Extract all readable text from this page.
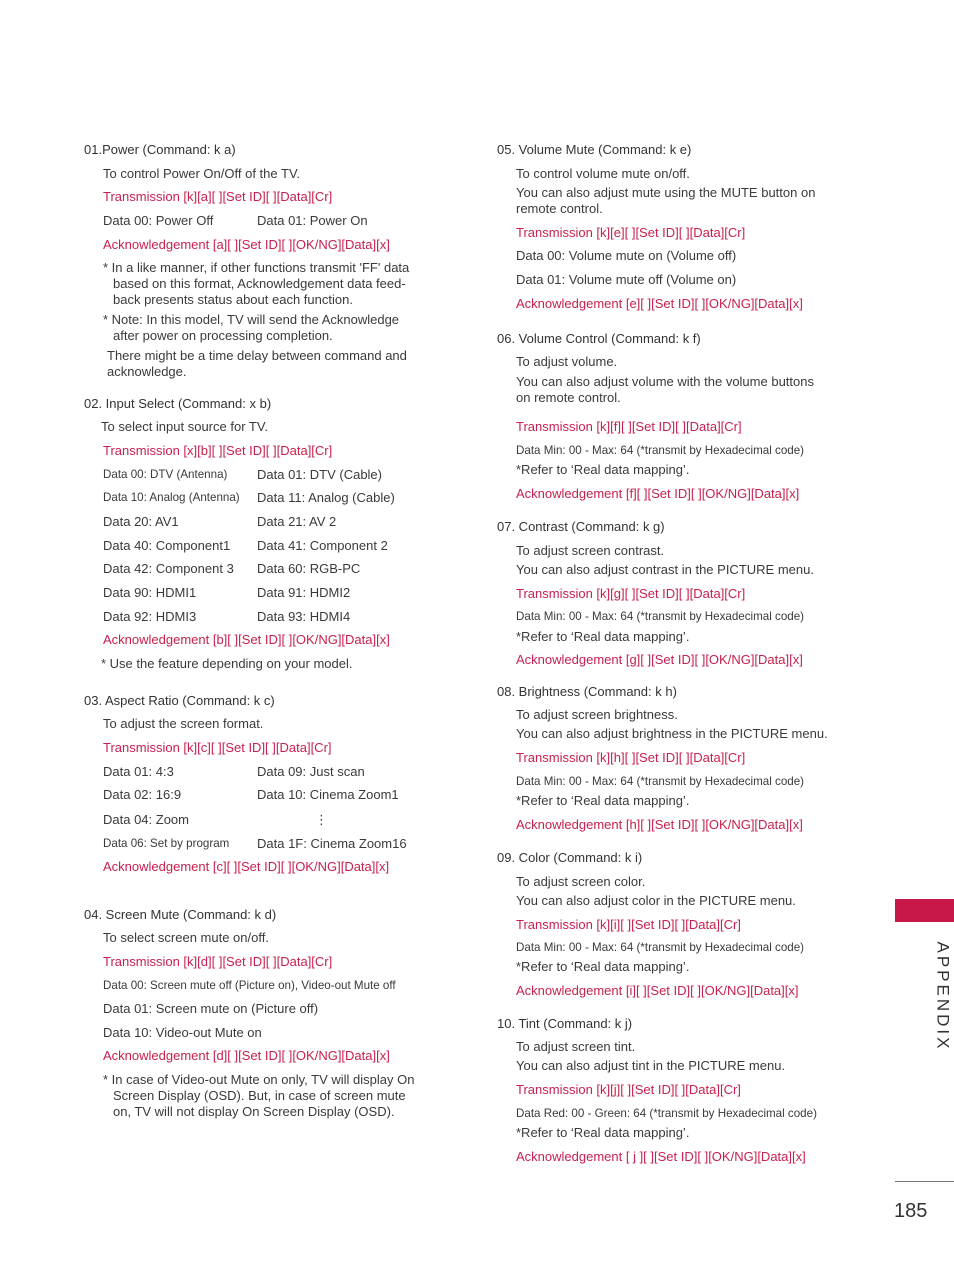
01.Power (Command: k a)
To control Power On/Off of the TV.
Transmission [k][a][ ][Set ID][ ][Data][Cr]
Data 00: Power Off	Data 01: Power On
Acknowledgement [a][ ][Set ID][ ][OK/NG][Data][x]
* In a like manner, if other functions transmit 'FF' data
based on this format, Acknowledgement data feed-
back presents status about each function.
* Note: In this model, TV will send the Acknowledge
after power on processing completion.
There might be a time delay between command and
acknowledge.
02. Input Select (Command: x b)
To select input source for TV.
Transmission [x][b][ ][Set ID][ ][Data][Cr]
Data 00: DTV (Antenna) Data 01: DTV (Cable)
Data 10: Analog (Antenna) Data 11: Analog (Cable)
Data 20: AV1	Data 21: AV 2
Data 40: Component1 Data 41: Component 2
Data 42: Component 3 Data 60: RGB-PC
Data 90: HDMI1	Data 91: HDMI2
Data 92: HDMI3	Data 93: HDMI4
Acknowledgement [b][ ][Set ID][ ][OK/NG][Data][x]
* Use the feature depending on your model.
03. Aspect Ratio (Command: k c)
To adjust the screen format.
Transmission [k][c][ ][Set ID][ ][Data][Cr]
Data 01: 4:3	Data 09: Just scan
Data 02: 16:9	Data 10: Cinema Zoom1
Data 04: Zoom	⋮
Data 06: Set by program Data 1F: Cinema Zoom16
Acknowledgement [c][ ][Set ID][ ][OK/NG][Data][x]
04. Screen Mute (Command: k d)
To select screen mute on/off.
Transmission [k][d][ ][Set ID][ ][Data][Cr]
Data 00: Screen mute off (Picture on), Video-out Mute off
Data 01: Screen mute on (Picture off)
Data 10: Video-out Mute on
Acknowledgement [d][ ][Set ID][ ][OK/NG][Data][x]
* In case of Video-out Mute on only, TV will display On
Screen Display (OSD). But, in case of screen mute
on, TV will not display On Screen Display (OSD).
05. Volume Mute (Command: k e)
To control volume mute on/off.
You can also adjust mute using the MUTE button on
remote control.
Transmission [k][e][ ][Set ID][ ][Data][Cr]
Data 00: Volume mute on (Volume off)
Data 01: Volume mute off (Volume on)
Acknowledgement [e][ ][Set ID][ ][OK/NG][Data][x]
06. Volume Control (Command: k f)
To adjust volume.
You can also adjust volume with the volume buttons
on remote control.
Transmission [k][f][ ][Set ID][ ][Data][Cr]
Data Min: 00 - Max: 64 (*transmit by Hexadecimal code)
*Refer to ‘Real data mapping’.
Acknowledgement [f][ ][Set ID][ ][OK/NG][Data][x]
07. Contrast (Command: k g)
To adjust screen contrast.
You can also adjust contrast in the PICTURE menu.
Transmission [k][g][ ][Set ID][ ][Data][Cr]
Data Min: 00 - Max: 64 (*transmit by Hexadecimal code)
*Refer to ‘Real data mapping’.
Acknowledgement [g][ ][Set ID][ ][OK/NG][Data][x]
08. Brightness (Command: k h)
To adjust screen brightness.
You can also adjust brightness in the PICTURE menu.
Transmission [k][h][ ][Set ID][ ][Data][Cr]
Data Min: 00 - Max: 64 (*transmit by Hexadecimal code)
*Refer to ‘Real data mapping’.
Acknowledgement [h][ ][Set ID][ ][OK/NG][Data][x]
09. Color (Command: k i)
To adjust screen color.
You can also adjust color in the PICTURE menu.
Transmission [k][i][ ][Set ID][ ][Data][Cr]
Data Min: 00 - Max: 64 (*transmit by Hexadecimal code)
*Refer to ‘Real data mapping’.
Acknowledgement [i][ ][Set ID][ ][OK/NG][Data][x]
10. Tint (Command: k j)
To adjust screen tint.
You can also adjust tint in the PICTURE menu.
Transmission [k][j][ ][Set ID][ ][Data][Cr]
Data Red: 00 - Green: 64 (*transmit by Hexadecimal code)
*Refer to ‘Real data mapping’.
Acknowledgement [ j ][ ][Set ID][ ][OK/NG][Data][x]
APPENDIX
185
